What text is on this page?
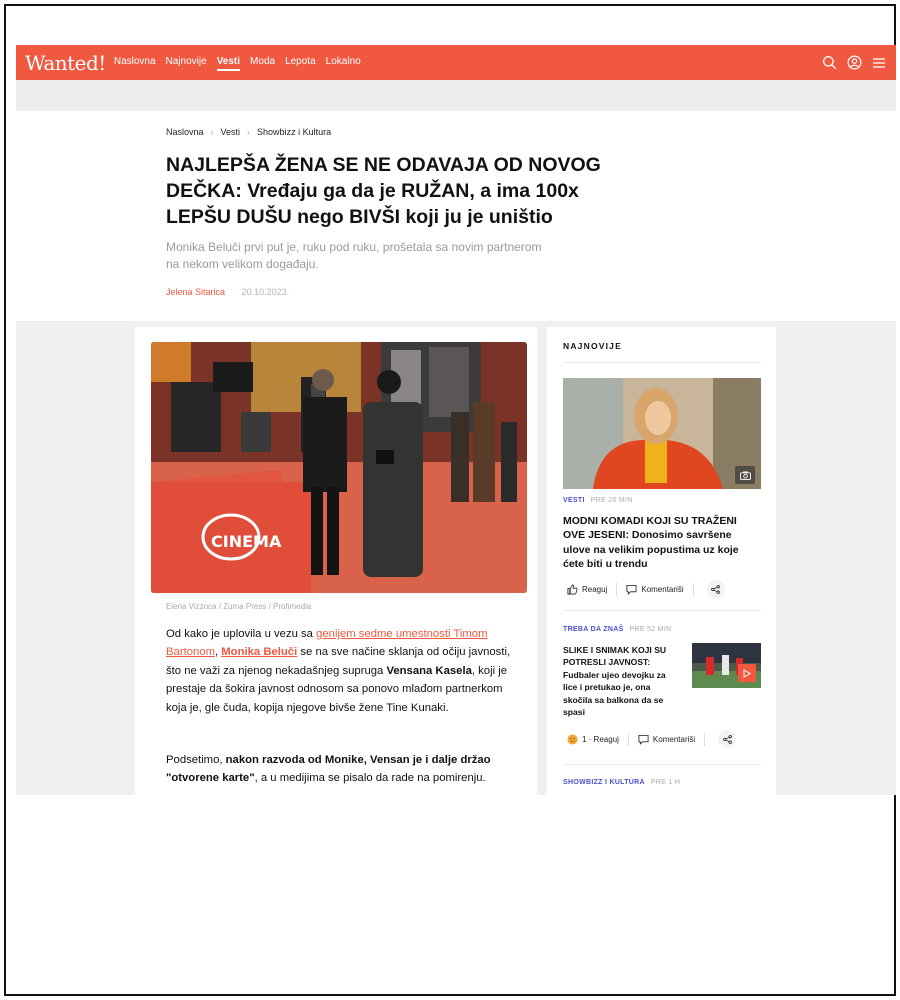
Wanted! Naslovna Najnovije Vesti Moda Lepota Lokalno
Naslovna › Vesti › Showbizz i Kultura
NAJLEPŠA ŽENA SE NE ODAVAJA OD NOVOG DEČKA: Vređaju ga da je RUŽAN, a ima 100x LEPŠU DUŠU nego BIVŠI koji ju je uništio

Monika Beluči prvi put je, ruku pod ruku, prošetala sa novim partnerom na nekom velikom događaju.

Jelena Sitarica 20.10.2023.
CINEMA
Elena Vizzoca / Zuma Press / Profimedia

Od kako je uplovila u vezu sa genijem sedme umestnosti Timom Bartonom, Monika Beluči se na sve načine sklanja od očiju javnosti, što ne važi za njenog nekadašnjeg supruga Vensana Kasela, koji je prestaje da šokira javnost odnosom sa ponovo mlađom partnerkom koja je, gle čuda, kopija njegove bivše žene Tine Kunaki.

Podsetimo, nakon razvoda od Monike, Vensan je i dalje držao "otvorene karte", a u medijima se pisalo da rade na pomirenju.

NAJNOVIJE
VESTI PRE 20 MIN
MODNI KOMADI KOJI SU TRAŽENI OVE JESENI: Donosimo savršene ulove na velikim popustima uz koje ćete biti u trendu
Reaguj	Komentariši
TREBA DA ZNAŠ PRE 52 MIN
SLIKE I SNIMAK KOJI SU POTRESLI JAVNOST: Fudbaler ujeo devojku za lice i pretukao je, ona skočila sa balkona da se spasi
1 · Reaguj	Komentariši
SHOWBIZZ I KULTURA PRE 1 H
